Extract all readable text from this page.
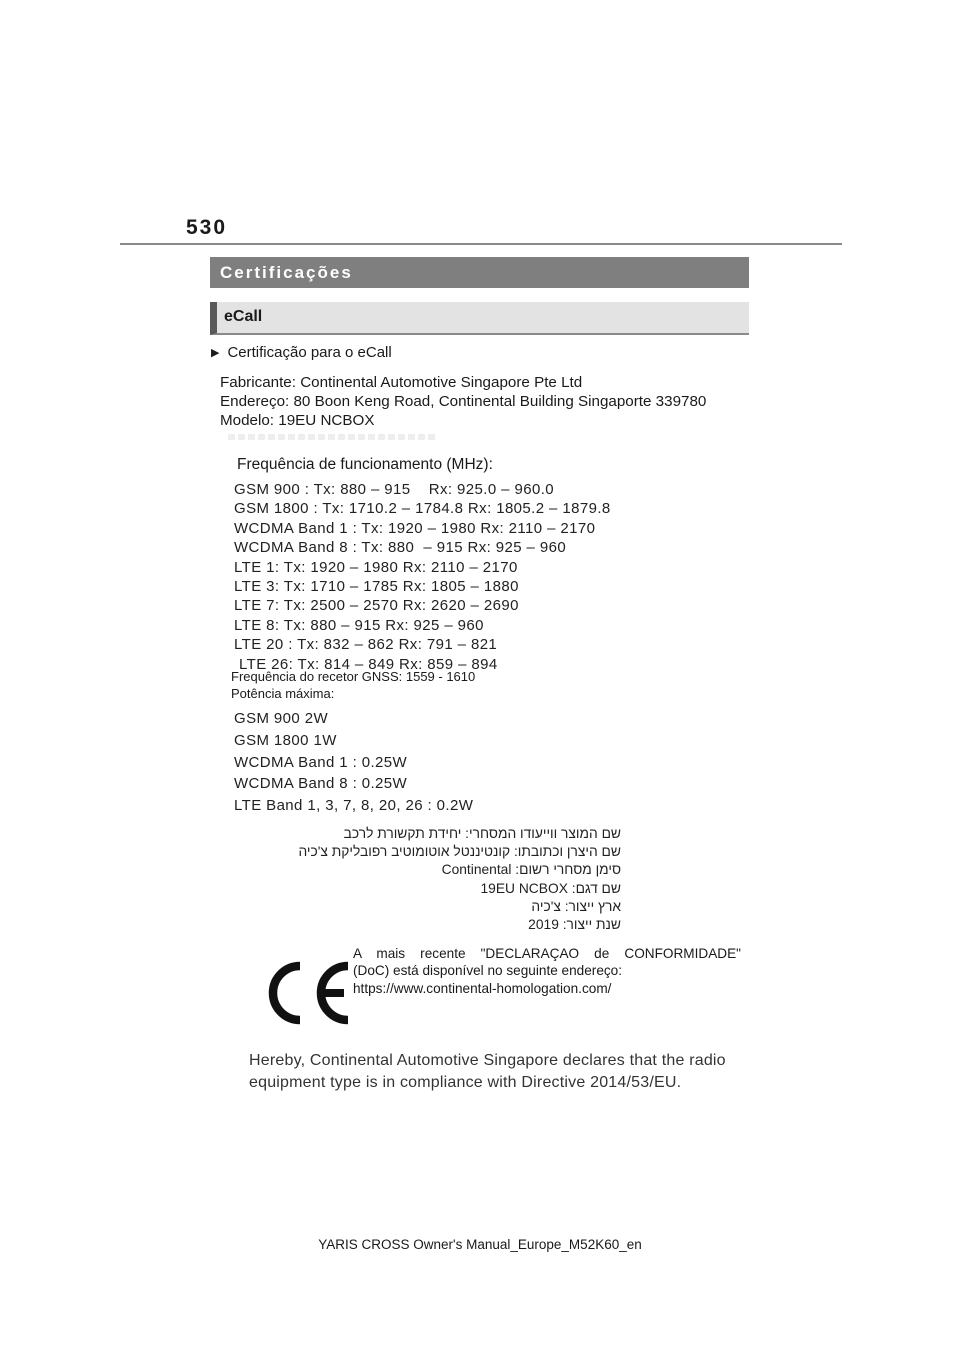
530
Certificações
eCall
▶ Certificação para o eCall
Fabricante: Continental Automotive Singapore Pte Ltd
Endereço: 80 Boon Keng Road, Continental Building Singaporte 339780
Modelo: 19EU NCBOX
Frequência de funcionamento (MHz):
GSM 900 : Tx: 880 – 915    Rx: 925.0 – 960.0
GSM 1800 : Tx: 1710.2 – 1784.8 Rx: 1805.2 – 1879.8
WCDMA Band 1 : Tx: 1920 – 1980 Rx: 2110 – 2170
WCDMA Band 8 : Tx: 880  – 915 Rx: 925 – 960
LTE 1: Tx: 1920 – 1980 Rx: 2110 – 2170
LTE 3: Tx: 1710 – 1785 Rx: 1805 – 1880
LTE 7: Tx: 2500 – 2570 Rx: 2620 – 2690
LTE 8: Tx: 880 – 915 Rx: 925 – 960
LTE 20 : Tx: 832 – 862 Rx: 791 – 821
LTE 26: Tx: 814 – 849 Rx: 859 – 894
Frequência do recetor GNSS: 1559 - 1610
Potência máxima:
GSM 900 2W
GSM 1800 1W
WCDMA Band 1 : 0.25W
WCDMA Band 8 : 0.25W
LTE Band 1, 3, 7, 8, 20, 26 : 0.2W
שם המוצר ווייעודו המסחרי: יחידת תקשורת לרכב
שם היצרן וכתובתו: קונטיננטל אוטומוטיב רפובליקת צ'כיה
סימן מסחרי רשום: Continental
שם דגם: 19EU NCBOX
ארץ ייצור: צ'כיה
שנת ייצור: 2019
A mais recente "DECLARAÇAO de CONFORMIDADE"
(DoC) está disponível no seguinte endereço:
https://www.continental-homologation.com/
Hereby, Continental Automotive Singapore declares that the radio
equipment type is in compliance with Directive 2014/53/EU.
YARIS CROSS Owner's Manual_Europe_M52K60_en
